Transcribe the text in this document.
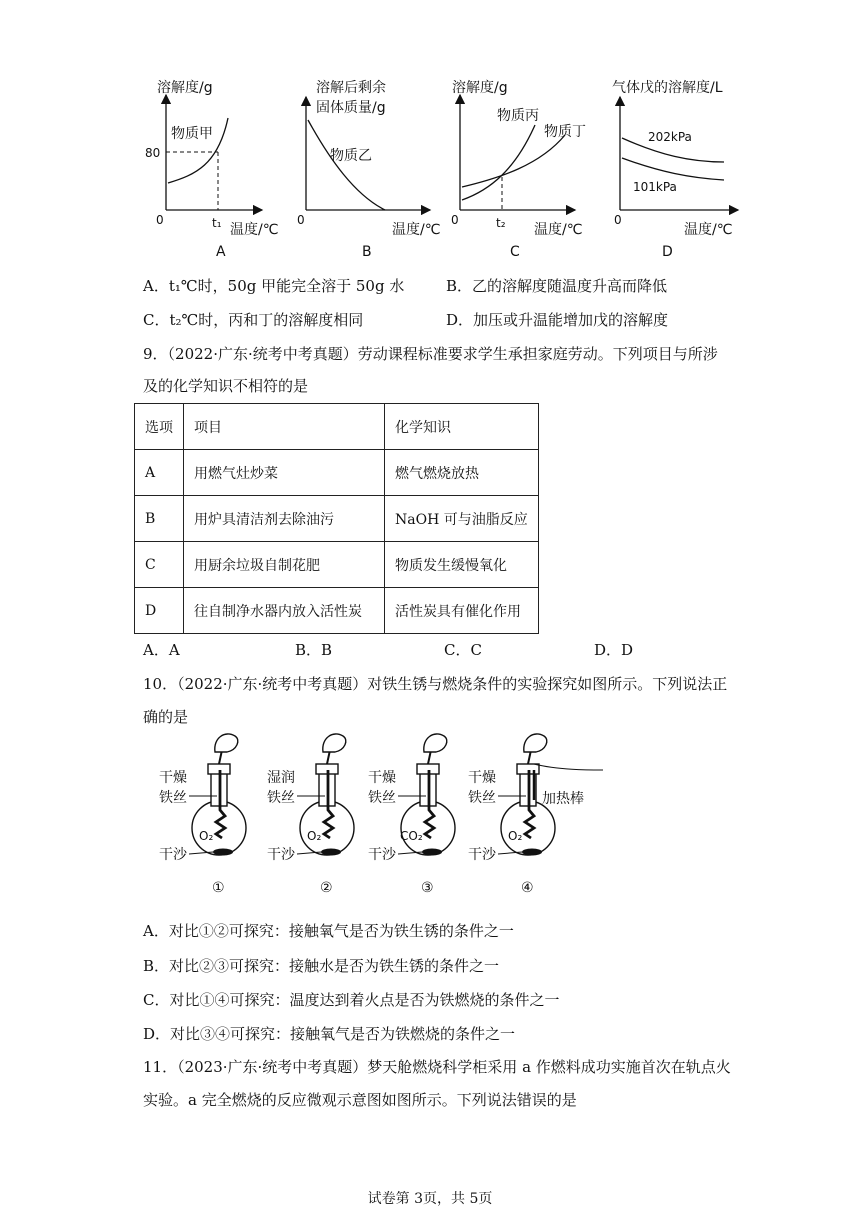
溶解度/g
物质甲
80
0	t₁ 温度/℃
A
溶解后剩余
固体质量/g
物质乙
0
温度/℃
B
溶解度/g
物质丙
物质丁
0	t₂ 温度/℃
C
气体戊的溶解度/L
202kPa
101kPa
0
温度/℃
D
A．t₁℃时，50g 甲能完全溶于 50g 水	B．乙的溶解度随温度升高而降低
C．t₂℃时，丙和丁的溶解度相同	D．加压或升温能增加戊的溶解度
9．（2022·广东·统考中考真题）劳动课程标准要求学生承担家庭劳动。下列项目与所涉
及的化学知识不相符的是
选项	项目	化学知识
A	用燃气灶炒菜	燃气燃烧放热
B	用炉具清洁剂去除油污	NaOH 可与油脂反应
C	用厨余垃圾自制花肥	物质发生缓慢氧化
D	往自制净水器内放入活性炭	活性炭具有催化作用
A．A	B．B	C．C	D．D
10．（2022·广东·统考中考真题）对铁生锈与燃烧条件的实验探究如图所示。下列说法正
确的是
干燥
铁丝
O₂
干沙
①
湿润
铁丝
O₂
干沙
②
干燥
铁丝
CO₂
干沙
③
干燥
铁丝
O₂
干沙
④
加热棒
A．对比①②可探究：接触氧气是否为铁生锈的条件之一
B．对比②③可探究：接触水是否为铁生锈的条件之一
C．对比①④可探究：温度达到着火点是否为铁燃烧的条件之一
D．对比③④可探究：接触氧气是否为铁燃烧的条件之一
11．（2023·广东·统考中考真题）梦天舱燃烧科学柜采用 a 作燃料成功实施首次在轨点火
实验。a 完全燃烧的反应微观示意图如图所示。下列说法错误的是
试卷第 3页，共 5页
